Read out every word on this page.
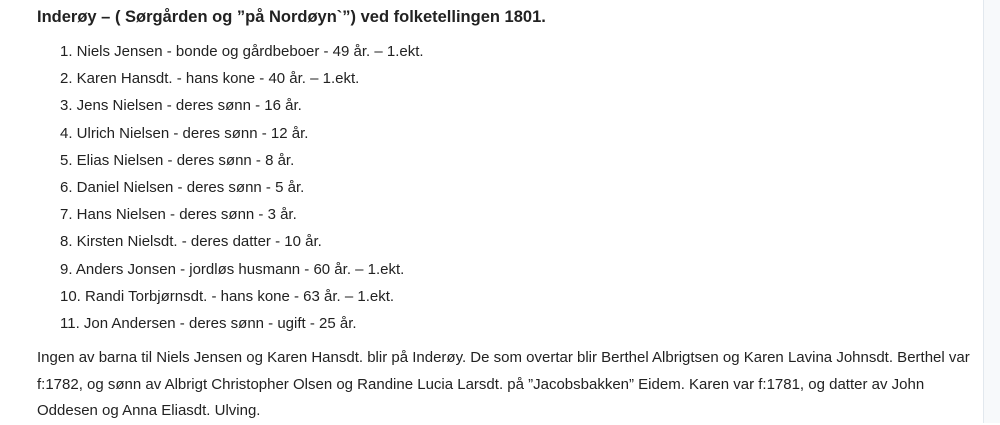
Inderøy – ( Sørgården og ”på Nordøyn`”) ved folketellingen 1801.
1. Niels Jensen - bonde og gårdbeboer - 49 år. – 1.ekt.
2. Karen Hansdt. - hans kone - 40 år. – 1.ekt.
3. Jens Nielsen - deres sønn - 16 år.
4. Ulrich Nielsen - deres sønn - 12 år.
5. Elias Nielsen - deres sønn - 8 år.
6. Daniel Nielsen - deres sønn - 5 år.
7. Hans Nielsen - deres sønn - 3 år.
8. Kirsten Nielsdt. - deres datter - 10 år.
9. Anders Jonsen - jordløs husmann - 60 år. – 1.ekt.
10. Randi Torbjørnsdt. - hans kone - 63 år. – 1.ekt.
11. Jon Andersen - deres sønn - ugift - 25 år.

Ingen av barna til Niels Jensen og Karen Hansdt. blir på Inderøy. De som overtar blir Berthel Albrigtsen og Karen Lavina Johnsdt. Berthel var f:1782, og sønn av Albrigt Christopher Olsen og Randine Lucia Larsdt. på ”Jacobsbakken” Eidem. Karen var f:1781, og datter av John Oddesen og Anna Eliasdt. Ulving.
